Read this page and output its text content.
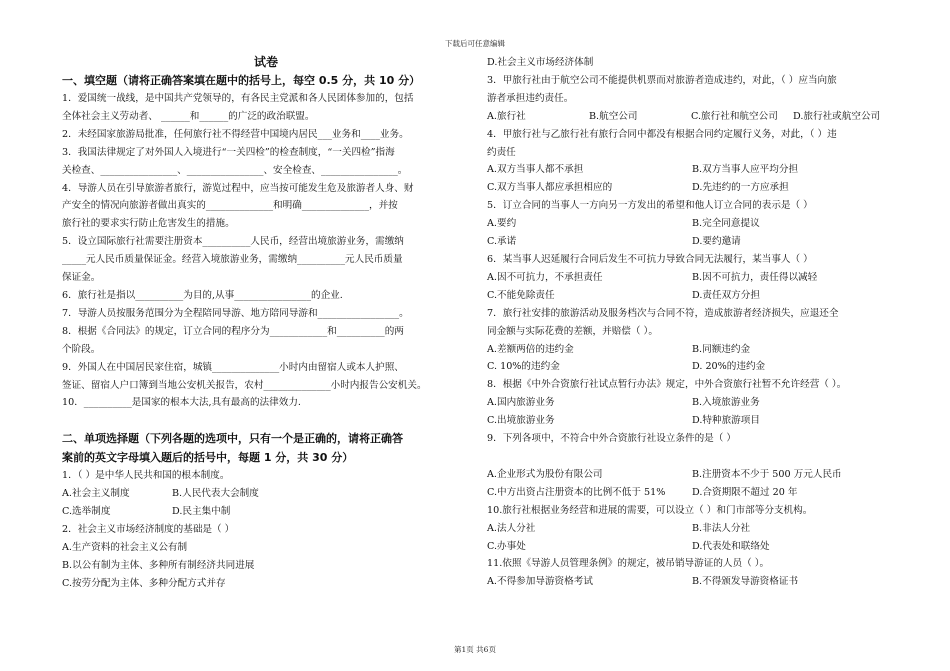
下载后可任意编辑
试卷
一、填空题（请将正确答案填在题中的括号上，每空 0.5 分，共 10 分）
1．爱国统一战线，是中国共产党领导的，有各民主党派和各人民团体参加的，包括
全体社会主义劳动者、 ______和______的广泛的政治联盟。
2．未经国家旅游局批准，任何旅行社不得经营中国境内居民___业务和____业务。
3．我国法律规定了对外国人入境进行“一关四检”的检查制度，“一关四检”指海
关检查、________________、________________、安全检查、________________。
4．导游人员在引导旅游者旅行，游览过程中，应当按可能发生危及旅游者人身、财
产安全的情况向旅游者做出真实的______________和明确______________，并按
旅行社的要求实行防止危害发生的措施。
5．设立国际旅行社需要注册资本__________人民币，经营出境旅游业务，需缴纳
_____元人民币质量保证金。经营入境旅游业务，需缴纳__________元人民币质量
保证金。
6．旅行社是指以__________为目的,从事________________的企业.
7．导游人员按服务范围分为全程陪同导游、地方陪同导游和_________________。
8．根据《合同法》的规定，订立合同的程序分为____________和__________的两
个阶段。
9．外国人在中国居民家住宿，城镇______________小时内由留宿人或本人护照、
签证、留宿人户口簿到当地公安机关报告，农村______________小时内报告公安机关。
10．__________是国家的根本大法,具有最高的法律效力.
二、单项选择题（下列各题的选项中，只有一个是正确的，请将正确答
案前的英文字母填入题后的括号中，每题 1 分，共 30 分）
1．（ ）是中华人民共和国的根本制度。
A.社会主义制度	B.人民代表大会制度
C.选举制度	D.民主集中制
2．社会主义市场经济制度的基础是（ ）
A.生产资料的社会主义公有制
B.以公有制为主体、多种所有制经济共同进展
C.按劳分配为主体、多种分配方式并存
D.社会主义市场经济体制
3．甲旅行社由于航空公司不能提供机票而对旅游者造成违约，对此，（ ）应当向旅
游者承担违约责任。
A.旅行社	B.航空公司	C.旅行社和航空公司	D.旅行社或航空公司
4．甲旅行社与乙旅行社有旅行合同中都没有根据合同约定履行义务，对此，（ ）违
约责任
A.双方当事人都不承担	B.双方当事人应平均分担
C.双方当事人都应承担相应的	D.先违约的一方应承担
5．订立合同的当事人一方向另一方发出的希望和他人订立合同的表示是（ ）
A.要约	B.完全同意提议
C.承诺	D.要约邀请
6．某当事人迟延履行合同后发生不可抗力导致合同无法履行，某当事人（ ）
A.因不可抗力，不承担责任	B.因不可抗力，责任得以减轻
C.不能免除责任	D.责任双方分担
7．旅行社安排的旅游活动及服务档次与合同不符，造成旅游者经济损失，应退还全
同金额与实际花费的差额，并赔偿（ ）。
A.差额两倍的违约金	B.同额违约金
C. 10%的违约金	D. 20%的违约金
8．根据《中外合资旅行社试点暂行办法》规定，中外合资旅行社暂不允许经营（ ）。
A.国内旅游业务	B.入境旅游业务
C.出境旅游业务	D.特种旅游项目
9．下列各项中，不符合中外合资旅行社设立条件的是（ ）
A.企业形式为股份有限公司	B.注册资本不少于 500 万元人民币
C.中方出资占注册资本的比例不低于 51%	D.合资期限不超过 20 年
10.旅行社根据业务经营和进展的需要，可以设立（ ）和门市部等分支机构。
A.法人分社	B.非法人分社
C.办事处	D.代表处和联络处
11.依照《导游人员管理条例》的规定，被吊销导游证的人员（ ）。
A.不得参加导游资格考试	B.不得颁发导游资格证书
第1页 共6页
